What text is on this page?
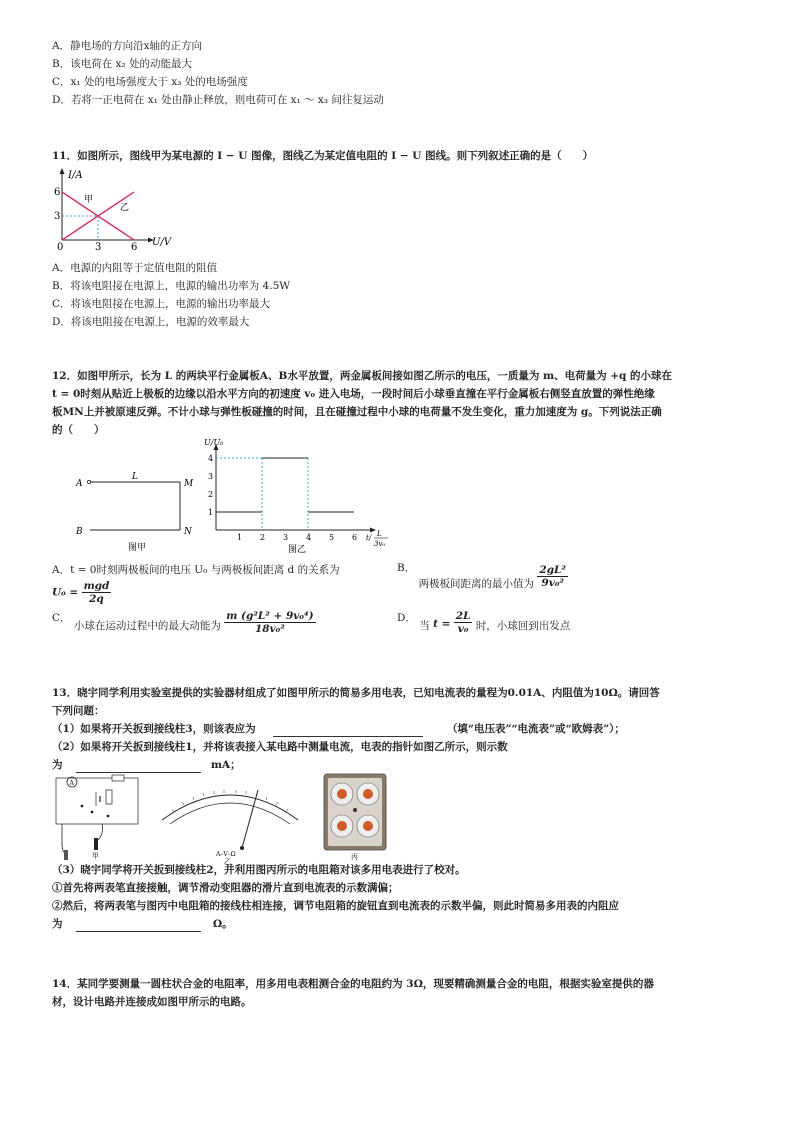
A．静电场的方向沿x轴的正方向
B．该电荷在 x₂ 处的动能最大
C．x₁ 处的电场强度大于 x₃ 处的电场强度
D．若将一正电荷在 x₁ 处由静止释放，则电荷可在 x₁ ～ x₃ 间往复运动
11．如图所示，图线甲为某电源的 I − U 图像，图线乙为某定值电阻的 I − U 图线。则下列叙述正确的是（　　）
I/A
U/V
6
3
0	3	6
甲
乙
A．电源的内阻等于定值电阻的阻值
B．将该电阻接在电源上，电源的输出功率为 4.5W
C．将该电阻接在电源上，电源的输出功率最大
D．将该电阻接在电源上，电源的效率最大
12．如图甲所示，长为 L 的两块平行金属板A、B水平放置，两金属板间接如图乙所示的电压，一质量为 m、电荷量为 +q 的小球在
t = 0时刻从贴近上极板的边缘以沿水平方向的初速度 v₀ 进入电场，一段时间后小球垂直撞在平行金属板右侧竖直放置的弹性绝缘
板MN上并被原速反弹。不计小球与弹性板碰撞的时间，且在碰撞过程中小球的电荷量不发生变化，重力加速度为 g。下列说法正确
的（　　）
A
B
M
N
L
图甲
U/U₀
4
3
2
1
1 2 3 4 5 6 t/ L
3v₀
图乙
A．t = 0时刻两极板间的电压 U₀ 与两极板间距离 d 的关系为
$U_0 = \frac{\text{mgd}}{2q}$
B． 两极板间距离的最小值为 $\frac{\text{2gL²}}{\text{9v₀²}}$
C． 小球在运动过程中的最大动能为 $\frac{\text{m (g²L² + 9v₀⁴)}}{\text{18v₀²}}$	D． 当 $t = \frac{2L}{\text{v₀}}$ 时，小球回到出发点
13．晓宇同学利用实验室提供的实验器材组成了如图甲所示的简易多用电表，已知电流表的量程为0.01A、内阻值为10Ω。请回答
下列问题：
（1）如果将开关扳到接线柱3，则该表应为	（填“电压表”“电流表”或“欧姆表”）；
（2）如果将开关扳到接线柱1，并将该表接入某电路中测量电流，电表的指针如图乙所示，则示数
为	mA；
A
甲	A–V–Ω
乙
丙
（3）晓宇同学将开关扳到接线柱2，并利用图丙所示的电阻箱对该多用电表进行了校对。
①首先将两表笔直接接触，调节滑动变阻器的滑片直到电流表的示数满偏；
②然后，将两表笔与图丙中电阻箱的接线柱相连接，调节电阻箱的旋钮直到电流表的示数半偏，则此时简易多用表的内阻应
为	Ω。
14．某同学要测量一圆柱状合金的电阻率，用多用电表粗测合金的电阻约为 3Ω，现要精确测量合金的电阻，根据实验室提供的器
材，设计电路并连接成如图甲所示的电路。
